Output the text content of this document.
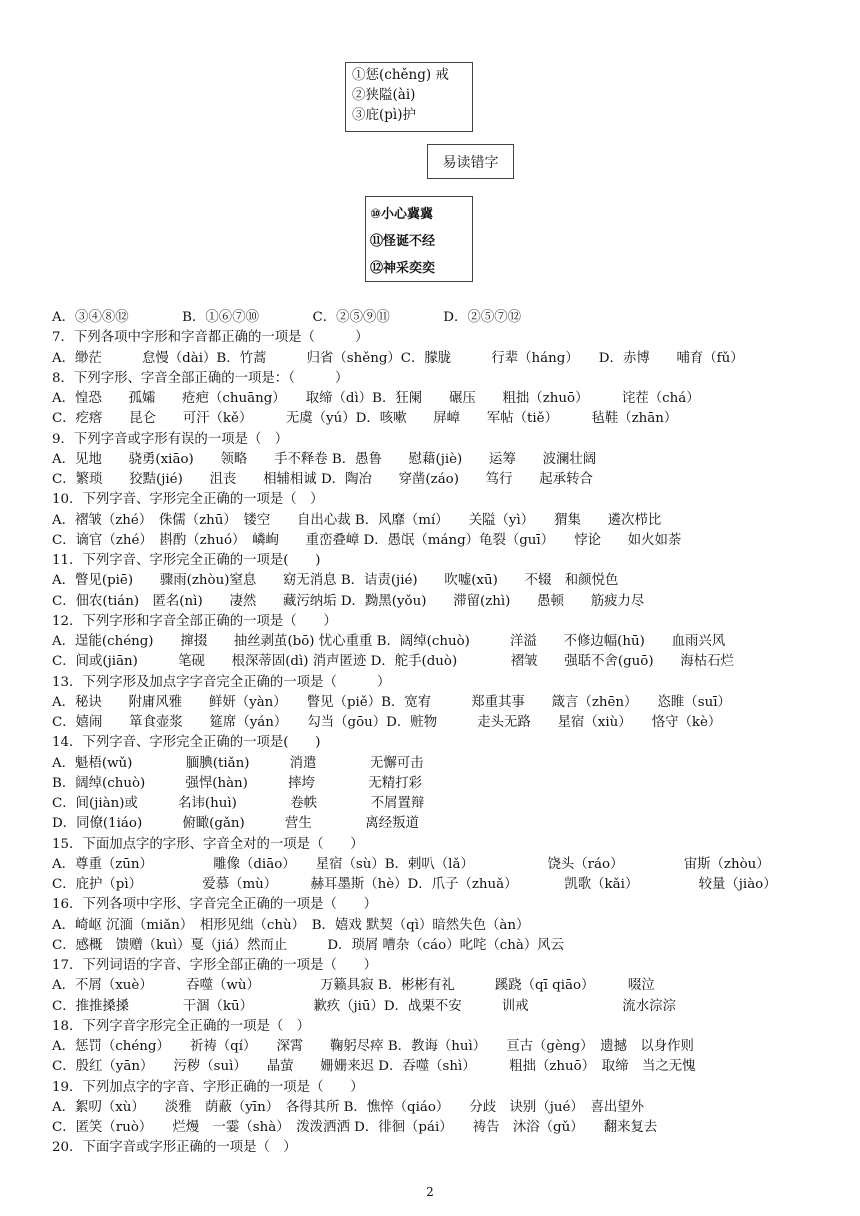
①惩(chěng) 戒
②狭隘(ài)
③庇(pì)护
易读错字
⑩小心冀冀
⑪怪诞不经
⑫神采奕奕
A．③④⑧⑫　　　　B．①⑥⑦⑩　　　　C．②⑤⑨⑪　　　　D．②⑤⑦⑫
7．下列各项中字形和字音都正确的一项是（　　　）
A．缈茫　　　怠慢（dài）B．竹蒿　　　归省（shěng）C．朦胧　　　行辈（háng）　　D．赤博　　哺育（fǔ）
8．下列字形、字音全部正确的一项是：（　　　）
A．惶恐　　孤孀　　疮疤（chuāng）　　取缔（dì）B．狂阑　　碾压　　粗拙（zhuō）　　　诧茬（chá）
C．疙瘩　　昆仑　　可汗（kě）　　　无虞（yú）D．咳嗽　　屏嶂　　军帖（tiě）　　　毡鞋（zhān）
9．下列字音或字形有误的一项是（　）
A．见地　　骁勇(xiāo)　　领略　　手不释卷 B．愚鲁　　慰藉(jiè)　　运筹　　波澜壮阔
C．繁琐　　狡黠(jié)　　沮丧　　相辅相诚 D．陶冶　　穿凿(záo)　　笃行　　起承转合
10．下列字音、字形完全正确的一项是（　）
A．褶皱（zhé）　侏儒（zhū）　镂空　　自出心裁 B．风靡（mí）　　关隘（yì）　　猬集　　遴次栉比
C．谪官（zhé）　斟酌（zhuó）　嶙峋　　重峦叠嶂 D．愚氓（máng）龟裂（guī）　　悖论　　如火如荼
11．下列字音、字形完全正确的一项是(　　)
A．瞥见(piē)　　骤雨(zhòu)窒息　　窈无消息 B．诘责(jié)　　吹嘘(xū)　　不辍　和颜悦色
C．佃农(tián)　匿名(nì)　　凄然　　藏污纳垢 D．黝黑(yǒu)　　滞留(zhì)　　愚顿　　筋疲力尽
12．下列字形和字音全部正确的一项是（　　）
A．逞能(chéng)　　撺掇　　抽丝剥茧(bō) 忧心重重 B．阔绰(chuò)　　　洋溢　　不修边幅(hū)　　血雨兴风
C．间或(jiān)　　　笔砚　　根深蒂固(dì) 消声匿迹 D．舵手(duò)　　　　褶皱　　强聒不舍(guō)　　海枯石烂
13．下列字形及加点字字音完全正确的一项是（　　　）
A．秘诀　　附庸风雅　　鲜妍（yàn）　　瞥见（piě）B．宽宥　　　郑重其事　　箴言（zhēn）　　恣睢（suī）
C．嬉闹　　箪食壶浆　　筵席（yán）　　勾当（gōu）D．赃物　　　走头无路　　星宿（xiù）　　恪守（kè）
14．下列字音、字形完全正确的一项是(　　)
A．魁梧(wǔ)　　　　腼腆(tiǎn)　　　消遣　　　　无懈可击
B．阔绰(chuò)　　　强悍(hàn)　　　摔垮　　　　无精打彩
C．间(jiàn)或　　　名讳(huì)　　　　卷帙　　　　不屑置辩
D．同僚(1iáo)　　　俯瞰(gǎn)　　　营生　　　　离经叛道
15．下面加点字的字形、字音全对的一项是（　　）
A．尊重（zūn）　　　　　雕像（diāo）　　星宿（sù）B．剌叭（lǎ）　　　　　　饶头（ráo）　　　　　宙斯（zhòu）
C．庇护（pì）　　　　　爱慕（mù）　　　赫耳墨斯（hè）D．爪子（zhuǎ）　　　　凯歌（kǎi）　　　　　较量（jiào）
16．下列各项中字形、字音完全正确的一项是（　　）
A．崎岖 沉湎（miǎn）　相形见绌（chù）　B．嬉戏 默契（qì）暗然失色（àn）
C．感概　馈赠（kuì）戛（jiá）然而止　　　D．琐屑 嘈杂（cáo）叱咤（chà）风云
17．下列词语的字音、字形全部正确的一项是（　　）
A．不屑（xuè）　　　吞噬（wù）　　　　　万籁具寂 B．彬彬有礼　　　蹊跷（qī qiāo）　　　啜泣
C．推推搡搡　　　　干涸（kū）　　　　　歉疚（jiū）D．战栗不安　　　训戒　　　　　　　流水淙淙
18．下列字音字形完全正确的一项是（　）
A．惩罚（chéng）　　祈祷（qí）　　深霄　　鞠躬尽瘁 B．教诲（huì）　　亘古（gèng）　遗撼　以身作则
C．殷红（yān）　　污秽（suì）　　晶萤　　姗姗来迟 D．吞噬（shì）　　　粗拙（zhuō）　取缔　当之无愧
19．下列加点字的字音、字形正确的一项是（　　）
A．絮叨（xù）　　淡雅　荫蔽（yīn）　各得其所 B．憔悴（qiáo）　　分歧　诀别（jué）　喜出望外
C．匿笑（ruò）　　烂熳　一霎（shà）　泼泼洒洒 D．徘徊（pái）　　祷告　沐浴（gǔ）　　翻来复去
20．下面字音或字形正确的一项是（　）
2
